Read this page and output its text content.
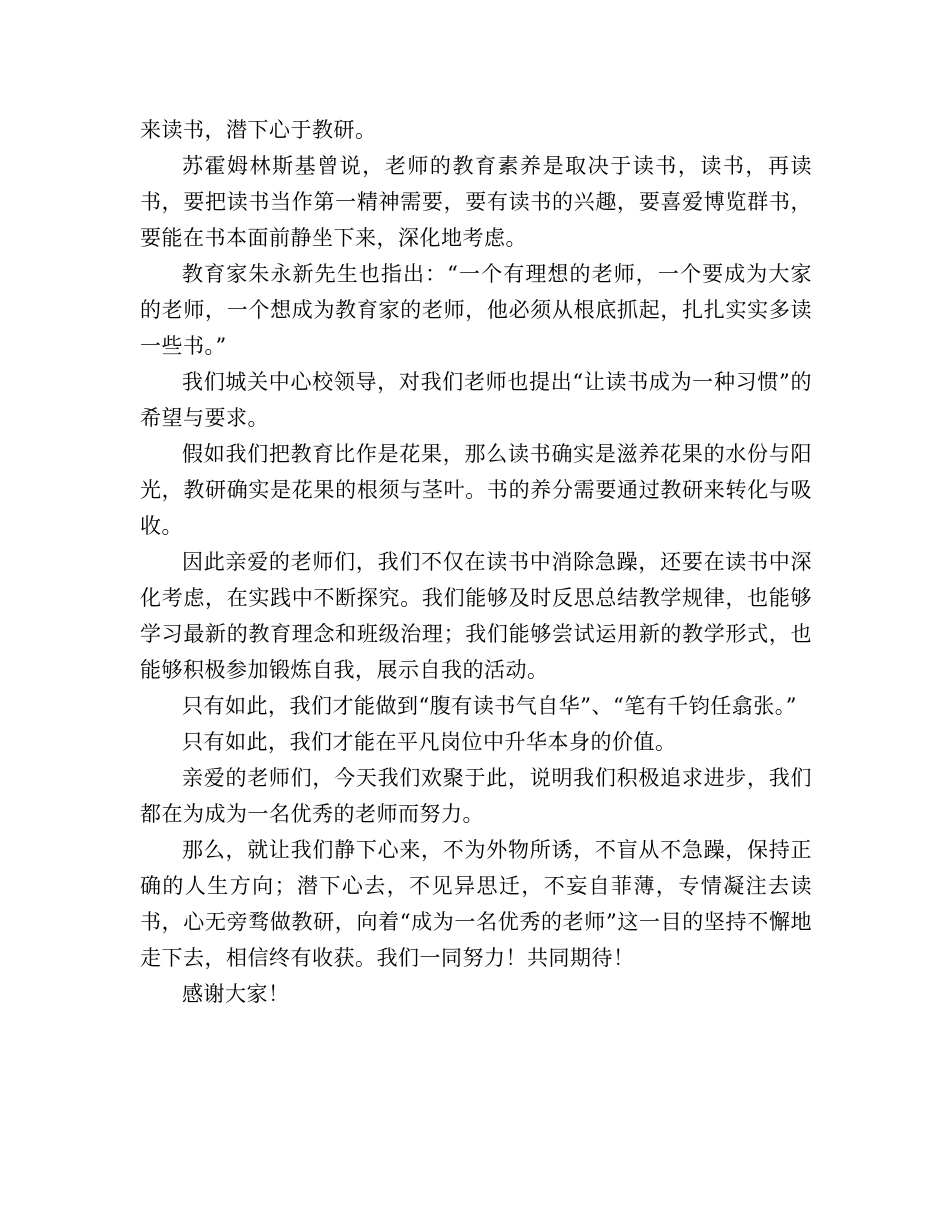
来读书，潜下心于教研。

苏霍姆林斯基曾说，老师的教育素养是取决于读书，读书，再读书，要把读书当作第一精神需要，要有读书的兴趣，要喜爱博览群书，要能在书本面前静坐下来，深化地考虑。

教育家朱永新先生也指出：“一个有理想的老师，一个要成为大家的老师，一个想成为教育家的老师，他必须从根底抓起，扎扎实实多读一些书。”

我们城关中心校领导，对我们老师也提出“让读书成为一种习惯”的希望与要求。

假如我们把教育比作是花果，那么读书确实是滋养花果的水份与阳光，教研确实是花果的根须与茎叶。书的养分需要通过教研来转化与吸收。

因此亲爱的老师们，我们不仅在读书中消除急躁，还要在读书中深化考虑，在实践中不断探究。我们能够及时反思总结教学规律，也能够学习最新的教育理念和班级治理；我们能够尝试运用新的教学形式，也能够积极参加锻炼自我，展示自我的活动。

只有如此，我们才能做到“腹有读书气自华”、“笔有千钧任翕张。”

只有如此，我们才能在平凡岗位中升华本身的价值。

亲爱的老师们，今天我们欢聚于此，说明我们积极追求进步，我们都在为成为一名优秀的老师而努力。

那么，就让我们静下心来，不为外物所诱，不盲从不急躁，保持正确的人生方向；潜下心去，不见异思迁，不妄自菲薄，专情凝注去读书，心无旁骛做教研，向着“成为一名优秀的老师”这一目的坚持不懈地走下去，相信终有收获。我们一同努力！共同期待！

感谢大家！
